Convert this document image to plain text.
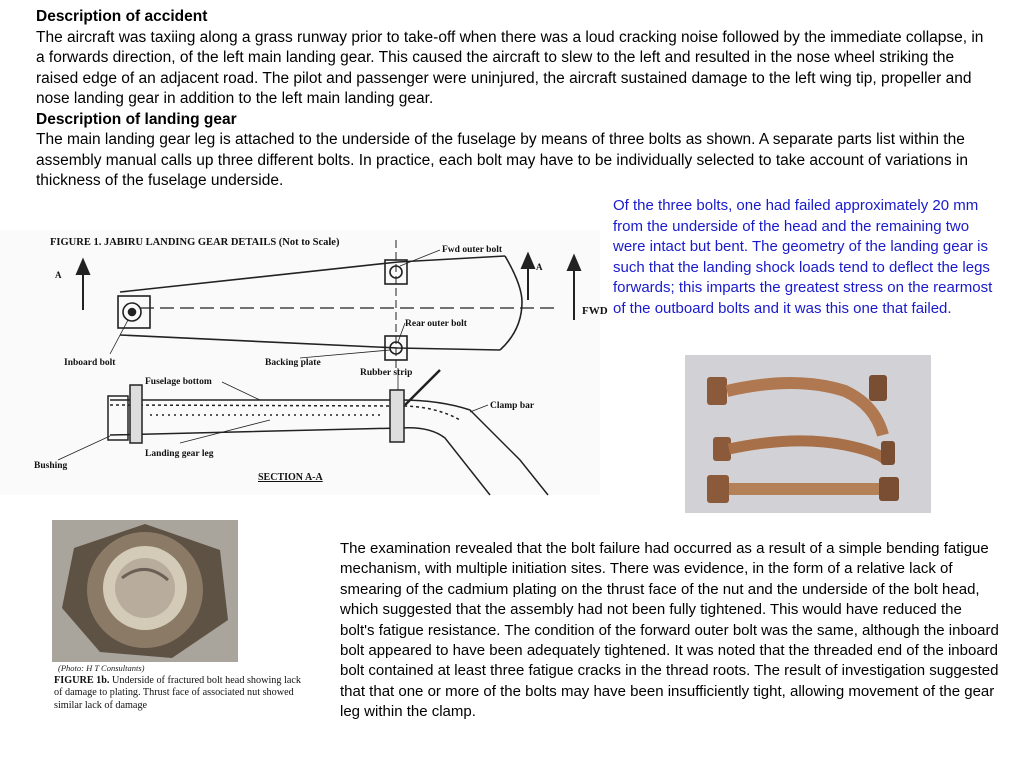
Description of accident
The aircraft was taxiing along a grass runway prior to take-off when there was a loud cracking noise followed by the immediate collapse, in a forwards direction, of the left main landing gear. This caused the aircraft to slew to the left and resulted in the nose wheel striking the raised edge of an adjacent road. The pilot and passenger were uninjured, the aircraft sustained damage to the left wing tip, propeller and nose landing gear in addition to the left main landing gear.
Description of landing gear
The main landing gear leg is attached to the underside of the fuselage by means of three bolts as shown. A separate parts list within the assembly manual calls up three different bolts. In practice, each bolt may have to be individually selected to take account of variations in thickness of the fuselage underside.
FIGURE 1. JABIRU LANDING GEAR DETAILS (Not to Scale)
A
A
FWD
Fwd outer bolt
Rear outer bolt
Inboard bolt	Backing plate
Rubber strip
Fuselage bottom
Clamp bar
Landing gear leg
Bushing
SECTION A-A
Of the three bolts, one had failed approximately 20 mm from the underside of the head and the remaining two were intact but bent. The geometry of the landing gear is such that the landing shock loads tend to deflect the legs forwards; this imparts the greatest stress on the rearmost of the outboard bolts and it was this one that failed.
(Photo: H T Consultants)
FIGURE 1b. Underside of fractured bolt head showing lack of damage to plating. Thrust face of associated nut showed similar lack of damage
The examination revealed that the bolt failure had occurred as a result of a simple bending fatigue mechanism, with multiple initiation sites. There was evidence, in the form of a relative lack of smearing of the cadmium plating on the thrust face of the nut and the underside of the bolt head, which suggested that the assembly had not been fully tightened. This would have reduced the bolt's fatigue resistance. The condition of the forward outer bolt was the same, although the inboard bolt appeared to have been adequately tightened. It was noted that the threaded end of the inboard bolt contained at least three fatigue cracks in the thread roots. The result of investigation suggested that that one or more of the bolts may have been insufficiently tight, allowing movement of the gear leg within the clamp.
